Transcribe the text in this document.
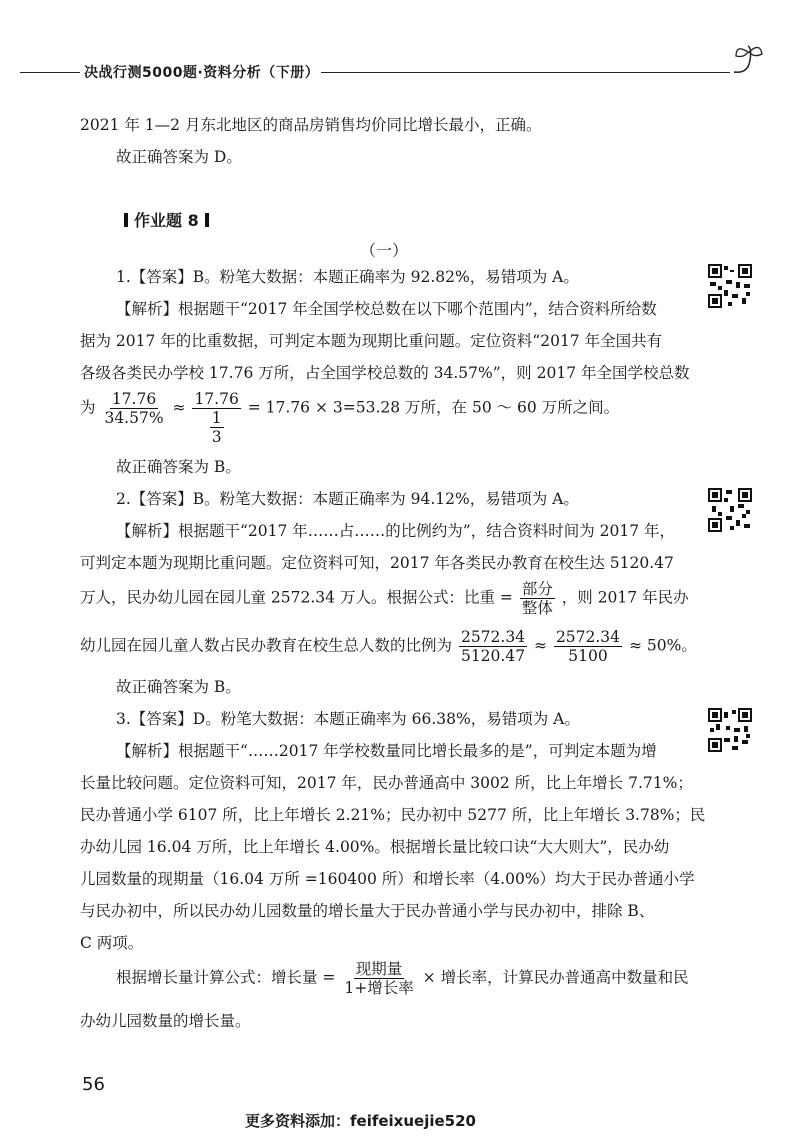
决战行测5000题·资料分析（下册）
2021 年 1—2 月东北地区的商品房销售均价同比增长最小，正确。
故正确答案为 D。
作业题 8
（一）
1.【答案】B。粉笔大数据：本题正确率为 92.82%，易错项为 A。
【解析】根据题干“2017 年全国学校总数在以下哪个范围内”，结合资料所给数
据为 2017 年的比重数据，可判定本题为现期比重问题。定位资料“2017 年全国共有
各级各类民办学校 17.76 万所，占全国学校总数的 34.57%”，则 2017 年全国学校总数
为 $\frac{17.76}{34.57\%} \approx \frac{17.76}{\frac{1}{3}} = 17.76 \times 3=53.28$ 万所，在 50 ～ 60 万所之间。
故正确答案为 B。
2.【答案】B。粉笔大数据：本题正确率为 94.12%，易错项为 A。
【解析】根据题干“2017 年……占……的比例约为”，结合资料时间为 2017 年，
可判定本题为现期比重问题。定位资料可知，2017 年各类民办教育在校生达 5120.47
万人，民办幼儿园在园儿童 2572.34 万人。根据公式：比重 = $\frac{\text{部分}}{\text{整体}}$ ，则 2017 年民办
幼儿园在园儿童人数占民办教育在校生总人数的比例为 $\frac{2572.34}{5120.47} \approx \frac{2572.34}{5100} \approx 50\%$。
故正确答案为 B。
3.【答案】D。粉笔大数据：本题正确率为 66.38%，易错项为 A。
【解析】根据题干“……2017 年学校数量同比增长最多的是”，可判定本题为增
长量比较问题。定位资料可知，2017 年，民办普通高中 3002 所，比上年增长 7.71%；
民办普通小学 6107 所，比上年增长 2.21%；民办初中 5277 所，比上年增长 3.78%；民
办幼儿园 16.04 万所，比上年增长 4.00%。根据增长量比较口诀“大大则大”，民办幼
儿园数量的现期量（16.04 万所 =160400 所）和增长率（4.00%）均大于民办普通小学
与民办初中，所以民办幼儿园数量的增长量大于民办普通小学与民办初中，排除 B、
C 两项。
根据增长量计算公式：增长量 = $\frac{\text{现期量}}{\text{1+增长率}}$ × 增长率，计算民办普通高中数量和民
办幼儿园数量的增长量。
56
更多资料添加：feifeixuejie520
